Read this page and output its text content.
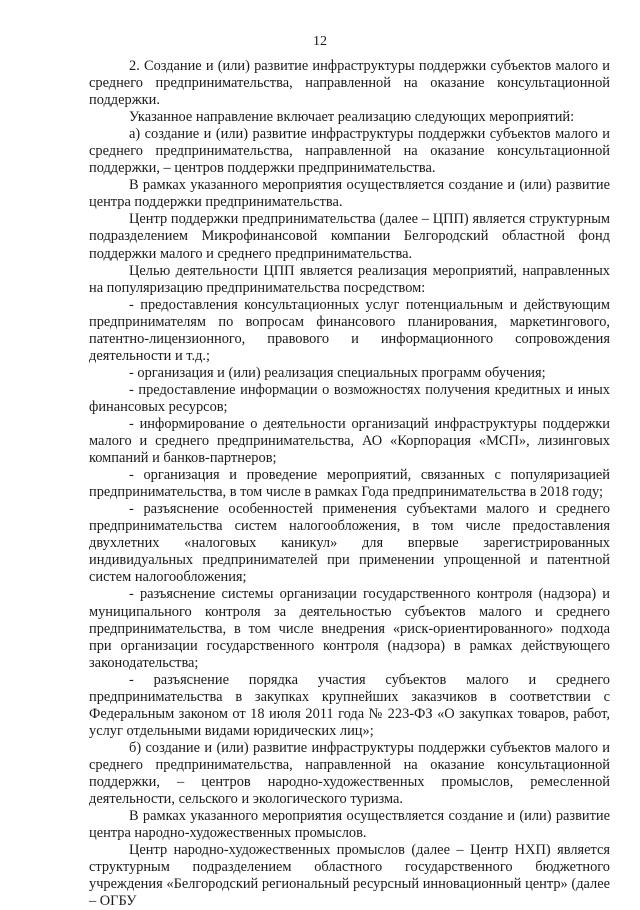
12

2. Создание и (или) развитие инфраструктуры поддержки субъектов малого и среднего предпринимательства, направленной на оказание консультационной поддержки.

Указанное направление включает реализацию следующих мероприятий:

а) создание и (или) развитие инфраструктуры поддержки субъектов малого и среднего предпринимательства, направленной на оказание консультационной поддержки, – центров поддержки предпринимательства.

В рамках указанного мероприятия осуществляется создание и (или) развитие центра поддержки предпринимательства.

Центр поддержки предпринимательства (далее – ЦПП) является структурным подразделением Микрофинансовой компании Белгородский областной фонд поддержки малого и среднего предпринимательства.

Целью деятельности ЦПП является реализация мероприятий, направленных на популяризацию предпринимательства посредством:

- предоставления консультационных услуг потенциальным и действующим предпринимателям по вопросам финансового планирования, маркетингового, патентно-лицензионного, правового и информационного сопровождения деятельности и т.д.;

- организация и (или) реализация специальных программ обучения;

- предоставление информации о возможностях получения кредитных и иных финансовых ресурсов;

- информирование о деятельности организаций инфраструктуры поддержки малого и среднего предпринимательства, АО «Корпорация «МСП», лизинговых компаний и банков-партнеров;

- организация и проведение мероприятий, связанных с популяризацией предпринимательства, в том числе в рамках Года предпринимательства в 2018 году;

- разъяснение особенностей применения субъектами малого и среднего предпринимательства систем налогообложения, в том числе предоставления двухлетних «налоговых каникул» для впервые зарегистрированных индивидуальных предпринимателей при применении упрощенной и патентной систем налогообложения;

- разъяснение системы организации государственного контроля (надзора) и муниципального контроля за деятельностью субъектов малого и среднего предпринимательства, в том числе внедрения «риск-ориентированного» подхода при организации государственного контроля (надзора) в рамках действующего законодательства;

- разъяснение порядка участия субъектов малого и среднего предпринимательства в закупках крупнейших заказчиков в соответствии с Федеральным законом от 18 июля 2011 года № 223-ФЗ «О закупках товаров, работ, услуг отдельными видами юридических лиц»;

б) создание и (или) развитие инфраструктуры поддержки субъектов малого и среднего предпринимательства, направленной на оказание консультационной поддержки, – центров народно-художественных промыслов, ремесленной деятельности, сельского и экологического туризма.

В рамках указанного мероприятия осуществляется создание и (или) развитие центра народно-художественных промыслов.

Центр народно-художественных промыслов (далее – Центр НХП) является структурным подразделением областного государственного бюджетного учреждения «Белгородский региональный ресурсный инновационный центр» (далее – ОГБУ
